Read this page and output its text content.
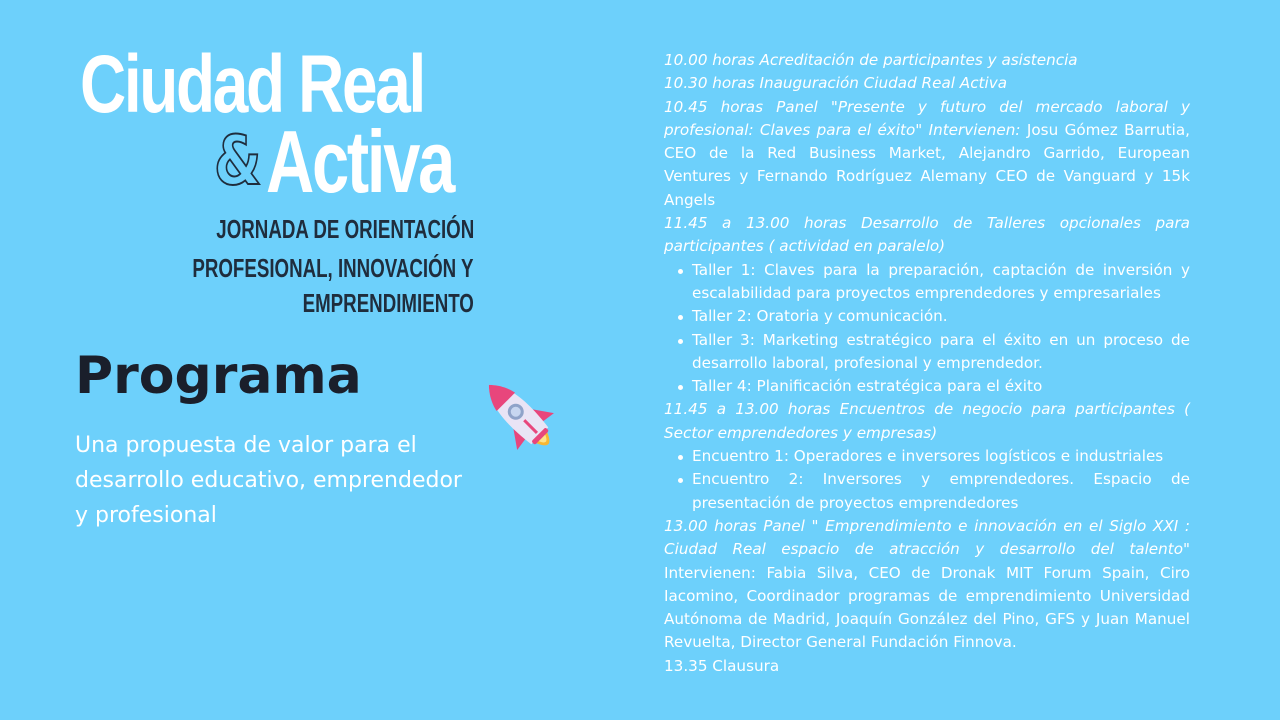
Ciudad Real
& Activa
JORNADA DE ORIENTACIÓN
PROFESIONAL, INNOVACIÓN Y
EMPRENDIMIENTO
Programa
Una propuesta de valor para el desarrollo educativo, emprendedor y profesional

10.00 horas Acreditación de participantes y asistencia

10.30 horas Inauguración Ciudad Real Activa

10.45 horas Panel "Presente y futuro del mercado laboral y profesional: Claves para el éxito" Intervienen: Josu Gómez Barrutia, CEO de la Red Business Market, Alejandro Garrido, European Ventures y Fernando Rodríguez Alemany CEO de Vanguard y 15k Angels

11.45 a 13.00 horas Desarrollo de Talleres opcionales para participantes ( actividad en paralelo)

Taller 1: Claves para la preparación, captación de inversión y escalabilidad para proyectos emprendedores y empresariales
Taller 2: Oratoria y comunicación.
Taller 3: Marketing estratégico para el éxito en un proceso de desarrollo laboral, profesional y emprendedor.
Taller 4: Planificación estratégica para el éxito

11.45 a 13.00 horas Encuentros de negocio para participantes ( Sector emprendedores y empresas)

Encuentro 1: Operadores e inversores logísticos e industriales
Encuentro 2: Inversores y emprendedores. Espacio de presentación de proyectos emprendedores

13.00 horas Panel " Emprendimiento e innovación en el Siglo XXI : Ciudad Real espacio de atracción y desarrollo del talento" Intervienen: Fabia Silva, CEO de Dronak MIT Forum Spain, Ciro Iacomino, Coordinador programas de emprendimiento Universidad Autónoma de Madrid, Joaquín González del Pino, GFS y Juan Manuel Revuelta, Director General Fundación Finnova.

13.35 Clausura
